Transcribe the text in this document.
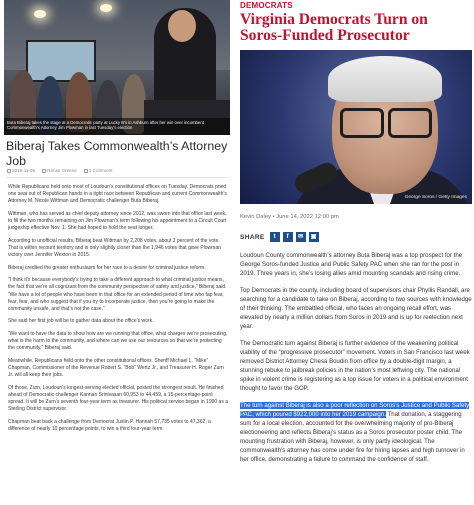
Buta Biberaj takes the stage at a Democratic party at Lucky B's in Ashburn after her win over incumbent Commonwealth's Attorney Jim Plowman in last Tuesday's election
Biberaj Takes Commonwealth’s Attorney Job
2019-11-06	Renss Greene	1 Comment

While Republicans held onto most of Loudoun’s constitutional offices on Tuesday, Democrats pried one seat out of Republican hands in a tight race between Republican and current Commonwealth’s Attorney M. Nicole Wittman and Democratic challenger Buta Biberaj.

Wittman, who has served as chief deputy attorney since 2012, was sworn into that office last week, to fill the two months remaining on Jim Plowman’s term following his appointment to a Circuit Court judgeship effective Nov. 1. She had hoped to hold the seat longer.

According to unofficial results, Biberaj beat Wittman by 2,208 votes, about 2 percent of the vote. That is within recount territory and is only slightly closer than the 1,946 votes that gave Plowman victory over Jennifer Wexton in 2015.

Biberaj credited the greater enthusiasm for her race to a desire for criminal justice reform.

“I think it’s because everybody’s trying to take a different approach to what criminal justice means, the fact that we’re all cognizant from the community perspective of safety and justice,” Biberaj said. “We have a lot of people who have been in that office for an extended period of time who tap fear, fear, fear, and who suggest that if you try to incorporate justice, then you’re going to make the community unsafe, and that’s not the case.”

She said her first job will be to gather data about the office’s work.

“We want to have the data to show how are we running that office, what charges we’re prosecuting, what is the harm to the community, and where can we use our resources so that we’re protecting the community,” Biberaj said.

Meanwhile, Republicans held onto the other constitutional offices. Sheriff Michael L. “Mike” Chapman, Commissioner of the Revenue Robert S. “Bob” Wertz Jr., and Treasurer H. Roger Zurn Jr. will all keep their jobs.

Of those, Zurn, Loudoun’s longest-serving elected official, posted the strongest result. He finished ahead of Democratic challenger Kannan Srinivasan 60,953 to 44,459, a 15-percentage-point spread. It will be Zurn’s seventh four-year term as treasurer. His political service began in 1990 as a Sterling District supervisor.

Chapman beat back a challenge from Democrat Justin P. Hannah 57,735 votes to 47,362, a difference of nearly 10 percentage points, to win a third four-year term.

DEMOCRATS
Virginia Democrats Turn on Soros-Funded Prosecutor
George Soros / Getty Images
Kevin Daley • June 14, 2022 12:00 pm
SHARE	t	f	✉	▣

Loudoun County commonwealth’s attorney Buta Biberaj was a top prospect for the George Soros-funded Justice and Public Safety PAC when she ran for the post in 2019. Three years in, she’s losing allies amid mounting scandals and rising crime.

Top Democrats in the county, including board of supervisors chair Phyllis Randall, are searching for a candidate to take on Biberaj, according to two sources with knowledge of their thinking. The embattled official, who faces an ongoing recall effort, was elevated by nearly a million dollars from Soros in 2019 and is up for reelection next year.

The Democratic turn against Biberaj is further evidence of the weakening political viability of the “progressive prosecutor” movement. Voters in San Francisco last week removed District Attorney Chesa Boudin from office by a double-digit margin, a stunning rebuke to jailbreak policies in the nation’s most leftwing city. The national spike in violent crime is registering as a top issue for voters in a political environment thought to favor the GOP.

The turn against Biberaj is also a poor reflection on Soros’s Justice and Public Safety PAC, which poured $922,000 into her 2019 campaign. That donation, a staggering sum for a local election, accounted for the overwhelming majority of pro-Biberaj electioneering and reflects Biberaj’s status as a Soros prosecutor poster child. The mounting frustration with Biberaj, however, is only partly ideological. The commonwealth’s attorney has come under fire for hiring lapses and high turnover in her office, demonstrating a failure to command the confidence of staff.
